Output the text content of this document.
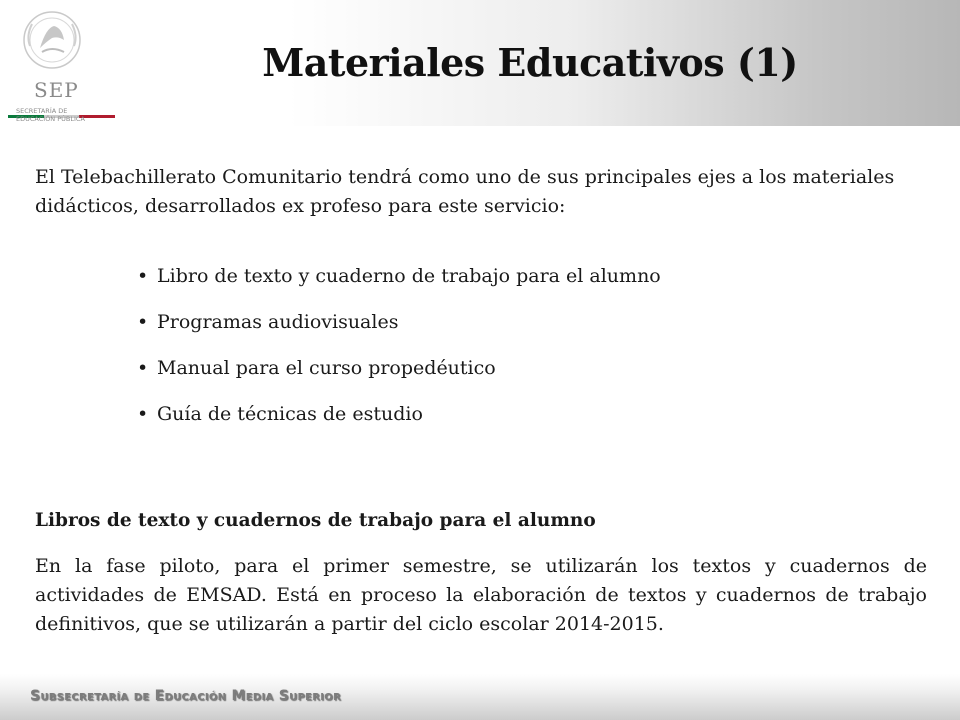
SEP
SECRETARÍA DE
EDUCACIÓN PÚBLICA
Materiales Educativos (1)
El Telebachillerato Comunitario tendrá como uno de sus principales ejes a los materiales didácticos, desarrollados ex profeso para este servicio:
• Libro de texto y cuaderno de trabajo para el alumno
• Programas audiovisuales
• Manual para el curso propedéutico
• Guía de técnicas de estudio
Libros de texto y cuadernos de trabajo para el alumno
En la fase piloto, para el primer semestre, se utilizarán los textos y cuadernos de actividades de EMSAD. Está en proceso la elaboración de textos y cuadernos de trabajo definitivos, que se utilizarán a partir del ciclo escolar 2014-2015.
Subsecretaría de Educación Media Superior
